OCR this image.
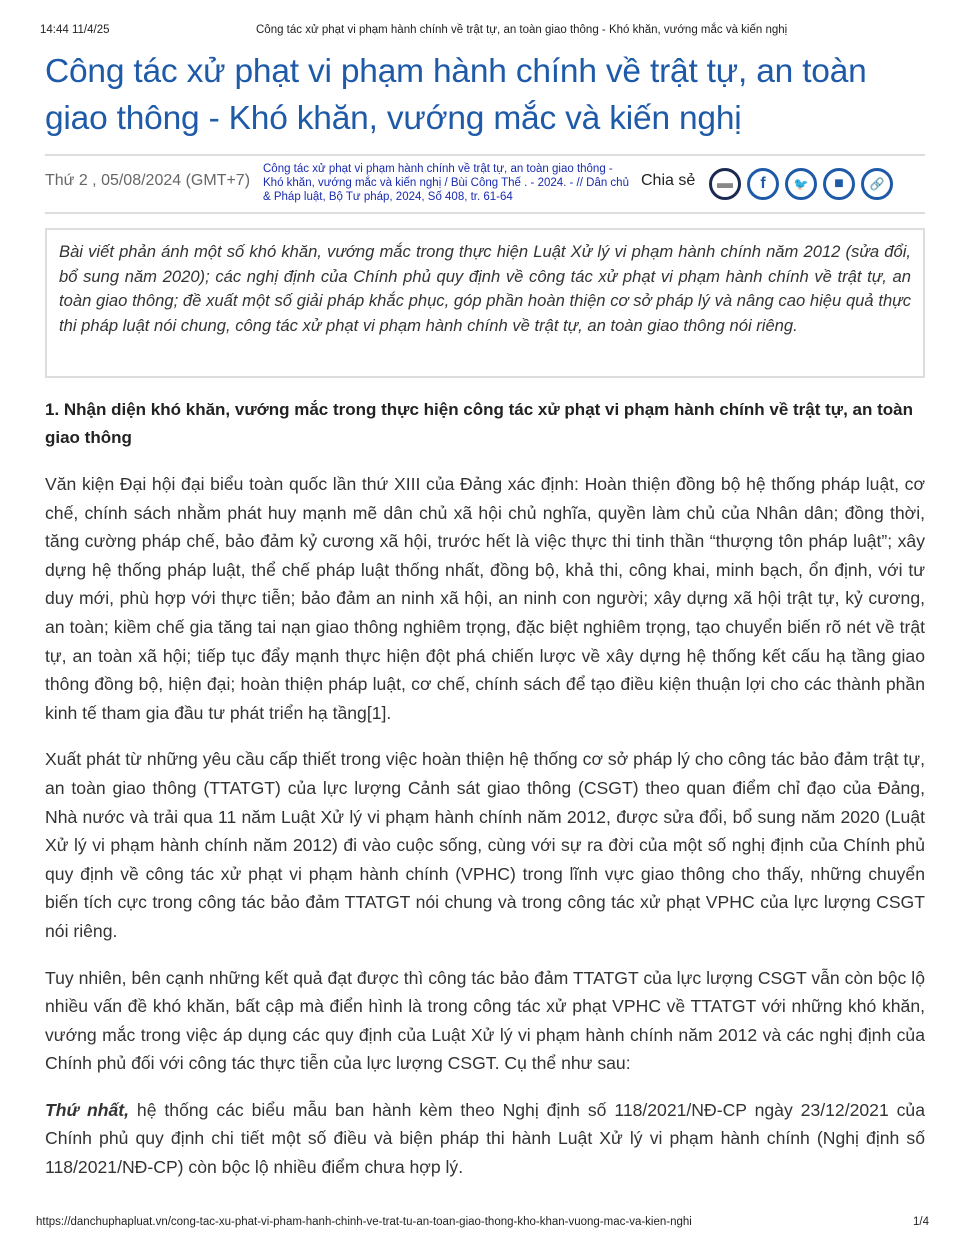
14:44 11/4/25	Công tác xử phạt vi phạm hành chính về trật tự, an toàn giao thông - Khó khăn, vướng mắc và kiến nghị
Công tác xử phạt vi phạm hành chính về trật tự, an toàn giao thông - Khó khăn, vướng mắc và kiến nghị
Thứ 2 , 05/08/2024 (GMT+7)
Công tác xử phạt vi phạm hành chính về trật tự, an toàn giao thông - Khó khăn, vướng mắc và kiến nghị / Bùi Công Thế . - 2024. - // Dân chủ & Pháp luật, Bộ Tư pháp, 2024, Số 408, tr. 61-64
Chia sẻ	▬	f	🐦	■	🔗
Bài viết phản ánh một số khó khăn, vướng mắc trong thực hiện Luật Xử lý vi phạm hành chính năm 2012 (sửa đổi, bổ sung năm 2020); các nghị định của Chính phủ quy định về công tác xử phạt vi phạm hành chính về trật tự, an toàn giao thông; đề xuất một số giải pháp khắc phục, góp phần hoàn thiện cơ sở pháp lý và nâng cao hiệu quả thực thi pháp luật nói chung, công tác xử phạt vi phạm hành chính về trật tự, an toàn giao thông nói riêng.
1. Nhận diện khó khăn, vướng mắc trong thực hiện công tác xử phạt vi phạm hành chính về trật tự, an toàn giao thông

Văn kiện Đại hội đại biểu toàn quốc lần thứ XIII của Đảng xác định: Hoàn thiện đồng bộ hệ thống pháp luật, cơ chế, chính sách nhằm phát huy mạnh mẽ dân chủ xã hội chủ nghĩa, quyền làm chủ của Nhân dân; đồng thời, tăng cường pháp chế, bảo đảm kỷ cương xã hội, trước hết là việc thực thi tinh thần “thượng tôn pháp luật”; xây dựng hệ thống pháp luật, thể chế pháp luật thống nhất, đồng bộ, khả thi, công khai, minh bạch, ổn định, với tư duy mới, phù hợp với thực tiễn; bảo đảm an ninh xã hội, an ninh con người; xây dựng xã hội trật tự, kỷ cương, an toàn; kiềm chế gia tăng tai nạn giao thông nghiêm trọng, đặc biệt nghiêm trọng, tạo chuyển biến rõ nét về trật tự, an toàn xã hội; tiếp tục đẩy mạnh thực hiện đột phá chiến lược về xây dựng hệ thống kết cấu hạ tầng giao thông đồng bộ, hiện đại; hoàn thiện pháp luật, cơ chế, chính sách để tạo điều kiện thuận lợi cho các thành phần kinh tế tham gia đầu tư phát triển hạ tầng[1].

Xuất phát từ những yêu cầu cấp thiết trong việc hoàn thiện hệ thống cơ sở pháp lý cho công tác bảo đảm trật tự, an toàn giao thông (TTATGT) của lực lượng Cảnh sát giao thông (CSGT) theo quan điểm chỉ đạo của Đảng, Nhà nước và trải qua 11 năm Luật Xử lý vi phạm hành chính năm 2012, được sửa đổi, bổ sung năm 2020 (Luật Xử lý vi phạm hành chính năm 2012) đi vào cuộc sống, cùng với sự ra đời của một số nghị định của Chính phủ quy định về công tác xử phạt vi phạm hành chính (VPHC) trong lĩnh vực giao thông cho thấy, những chuyển biến tích cực trong công tác bảo đảm TTATGT nói chung và trong công tác xử phạt VPHC của lực lượng CSGT nói riêng.

Tuy nhiên, bên cạnh những kết quả đạt được thì công tác bảo đảm TTATGT của lực lượng CSGT vẫn còn bộc lộ nhiều vấn đề khó khăn, bất cập mà điển hình là trong công tác xử phạt VPHC về TTATGT với những khó khăn, vướng mắc trong việc áp dụng các quy định của Luật Xử lý vi phạm hành chính năm 2012 và các nghị định của Chính phủ đối với công tác thực tiễn của lực lượng CSGT. Cụ thể như sau:

Thứ nhất, hệ thống các biểu mẫu ban hành kèm theo Nghị định số 118/2021/NĐ-CP ngày 23/12/2021 của Chính phủ quy định chi tiết một số điều và biện pháp thi hành Luật Xử lý vi phạm hành chính (Nghị định số 118/2021/NĐ-CP) còn bộc lộ nhiều điểm chưa hợp lý.

https://danchuphapluat.vn/cong-tac-xu-phat-vi-pham-hanh-chinh-ve-trat-tu-an-toan-giao-thong-kho-khan-vuong-mac-va-kien-nghi	1/4
